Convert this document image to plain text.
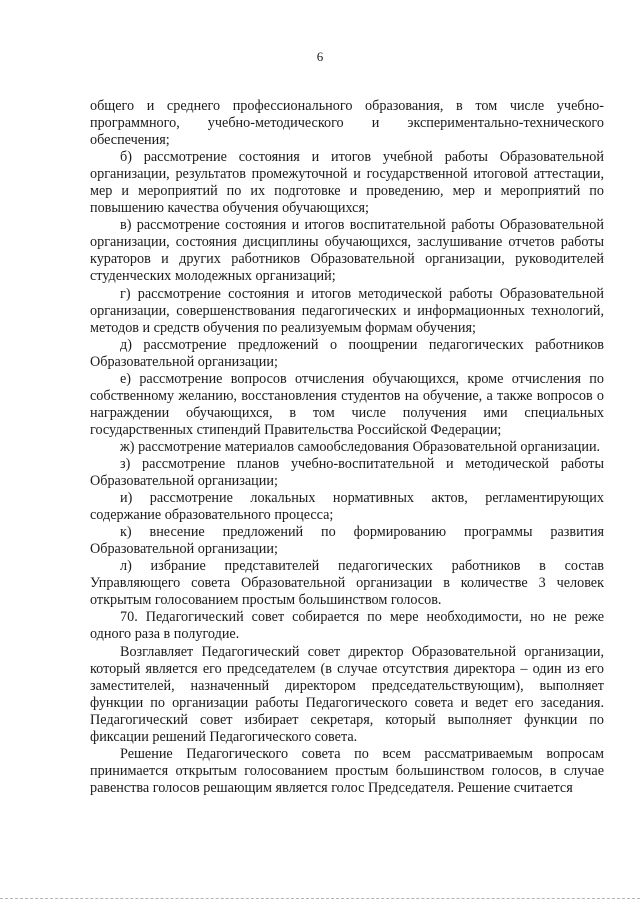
6

общего и среднего профессионального образования, в том числе учебно-программного, учебно-методического и экспериментально-технического обеспечения;

б) рассмотрение состояния и итогов учебной работы Образовательной организации, результатов промежуточной и государственной итоговой аттестации, мер и мероприятий по их подготовке и проведению, мер и мероприятий по повышению качества обучения обучающихся;

в) рассмотрение состояния и итогов воспитательной работы Образовательной организации, состояния дисциплины обучающихся, заслушивание отчетов работы кураторов и других работников Образовательной организации, руководителей студенческих молодежных организаций;

г) рассмотрение состояния и итогов методической работы Образовательной организации, совершенствования педагогических и информационных технологий, методов и средств обучения по реализуемым формам обучения;

д) рассмотрение предложений о поощрении педагогических работников Образовательной организации;

е) рассмотрение вопросов отчисления обучающихся, кроме отчисления по собственному желанию, восстановления студентов на обучение, а также вопросов о награждении обучающихся, в том числе получения ими специальных государственных стипендий Правительства Российской Федерации;

ж) рассмотрение материалов самообследования Образовательной организации.

з) рассмотрение планов учебно-воспитательной и методической работы Образовательной организации;

и) рассмотрение локальных нормативных актов, регламентирующих содержание образовательного процесса;

к) внесение предложений по формированию программы развития Образовательной организации;

л) избрание представителей педагогических работников в состав Управляющего совета Образовательной организации в количестве 3 человек открытым голосованием простым большинством голосов.

70. Педагогический совет собирается по мере необходимости, но не реже одного раза в полугодие.

Возглавляет Педагогический совет директор Образовательной организации, который является его председателем (в случае отсутствия директора – один из его заместителей, назначенный директором председательствующим), выполняет функции по организации работы Педагогического совета и ведет его заседания. Педагогический совет избирает секретаря, который выполняет функции по фиксации решений Педагогического совета.

Решение Педагогического совета по всем рассматриваемым вопросам принимается открытым голосованием простым большинством голосов, в случае равенства голосов решающим является голос Председателя. Решение считается
